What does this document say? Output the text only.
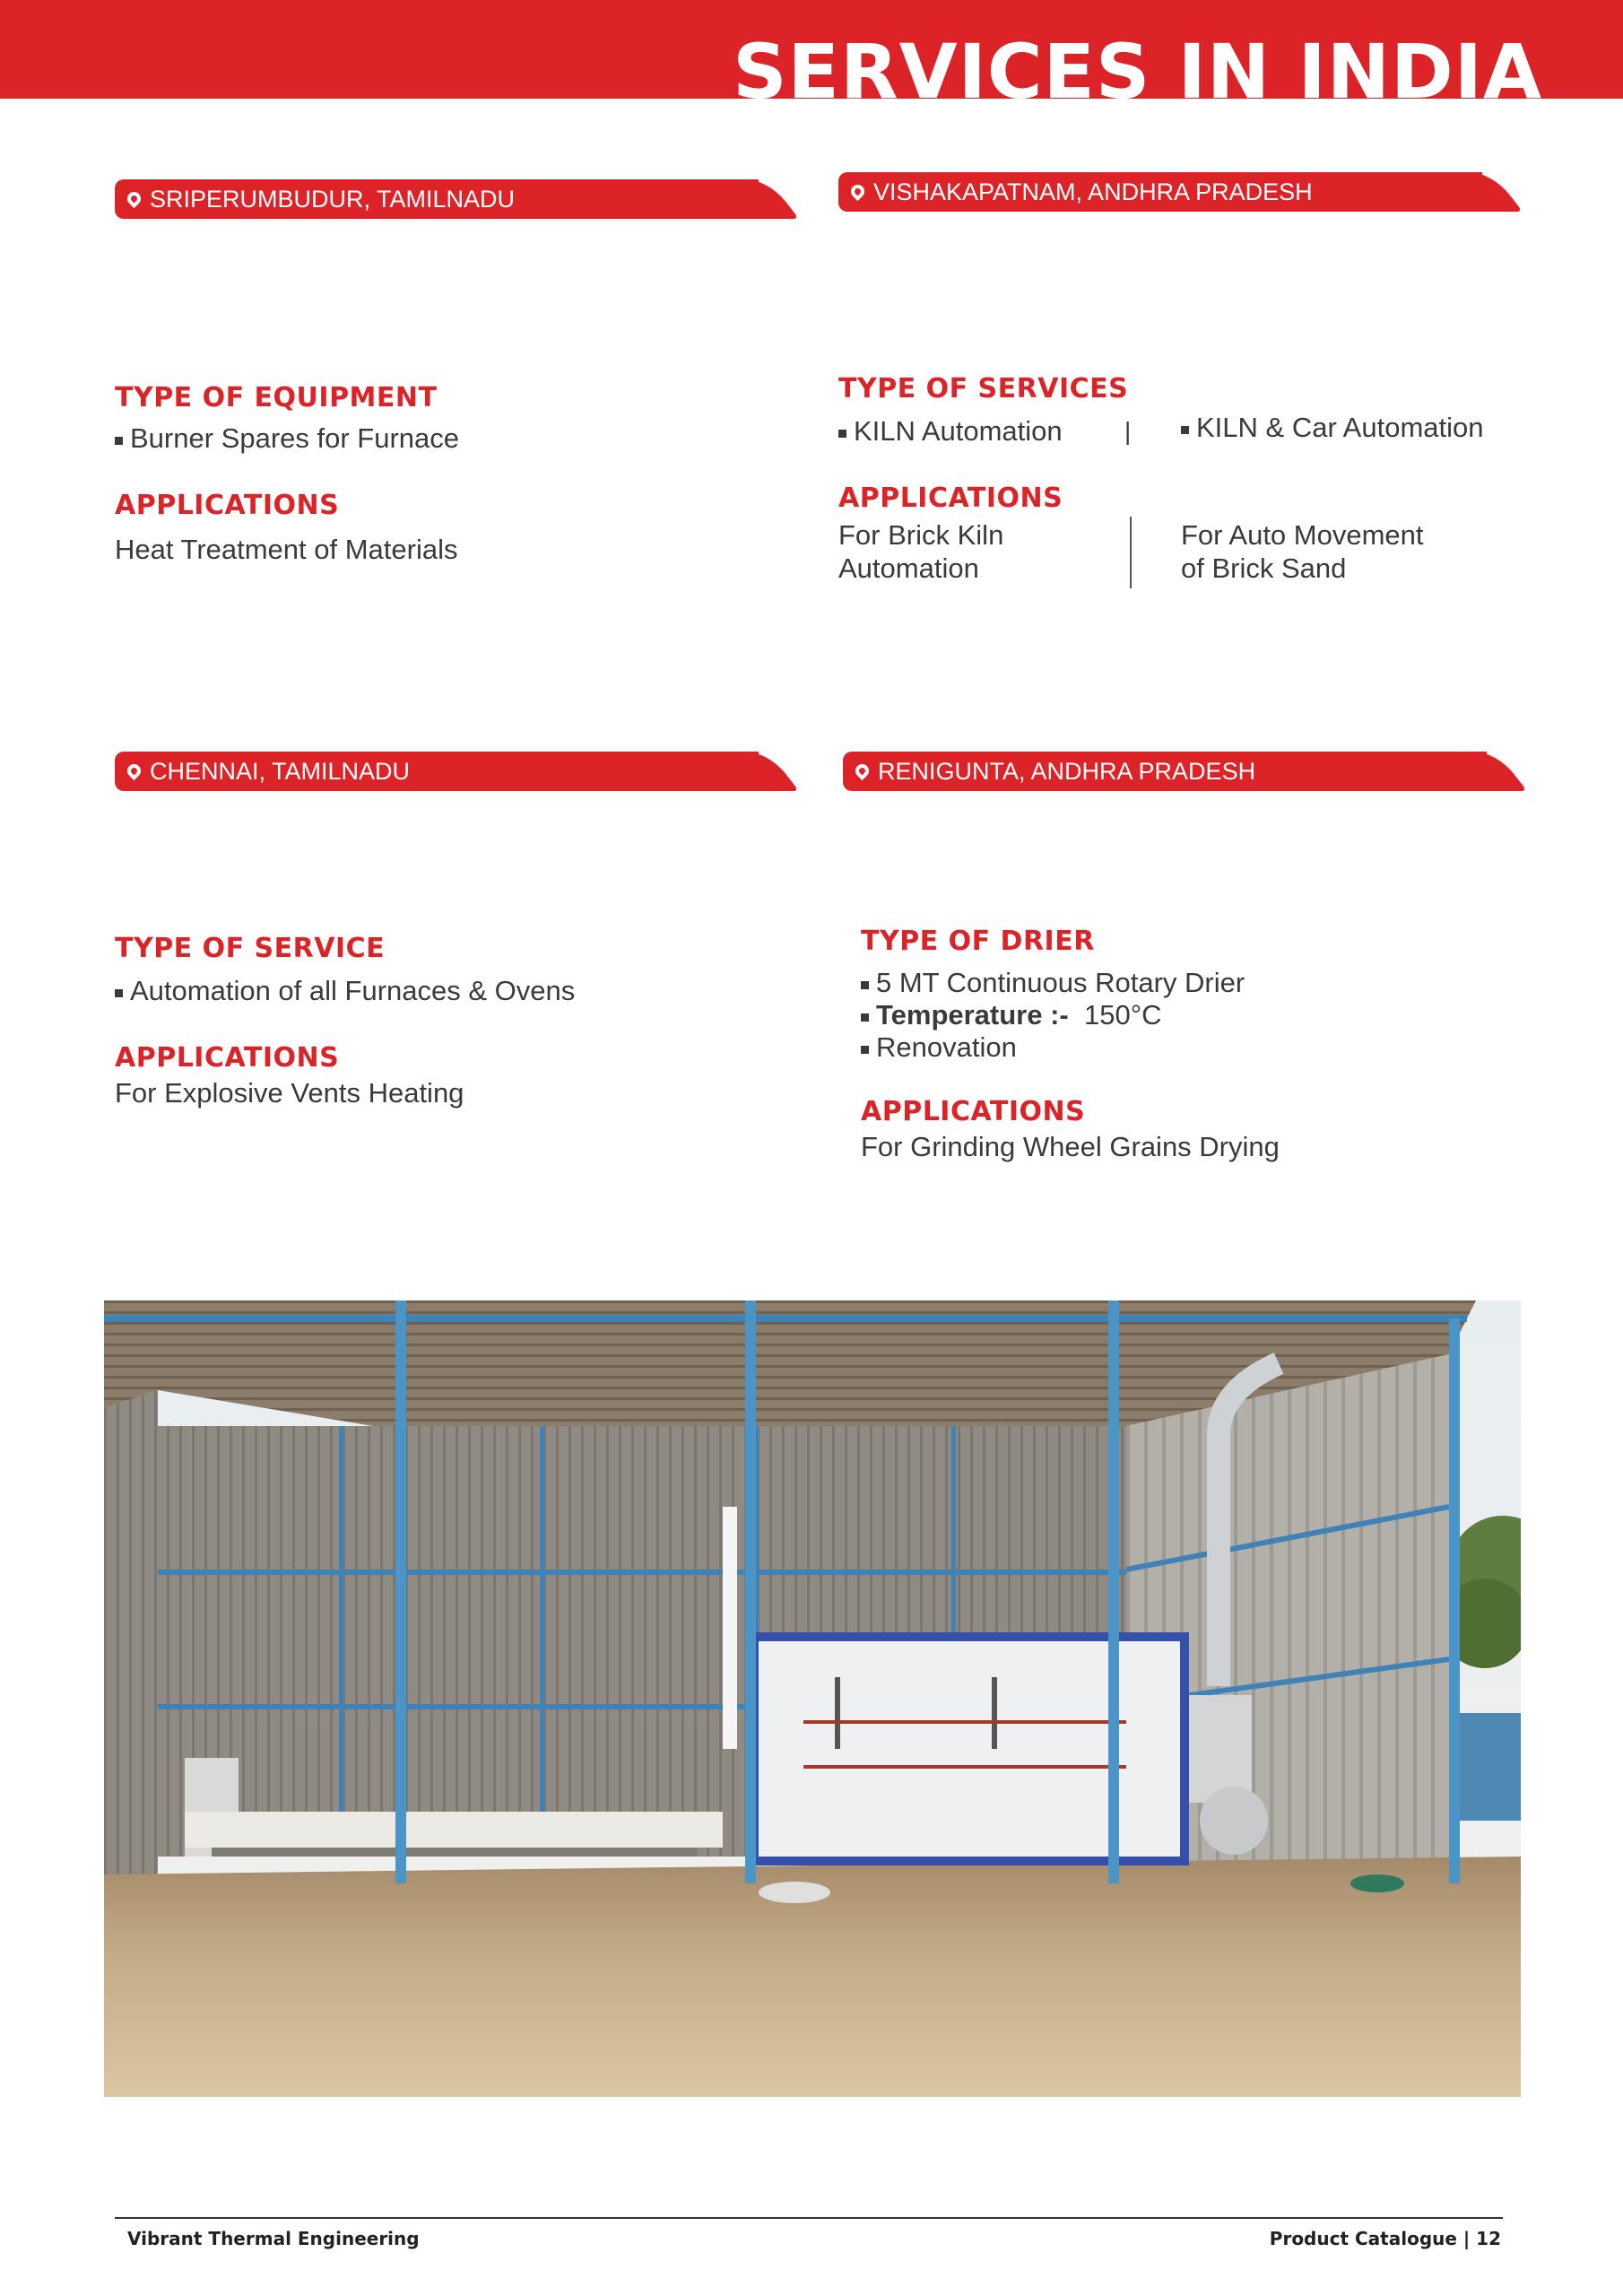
SERVICES IN INDIA
SRIPERUMBUDUR, TAMILNADU
TYPE OF EQUIPMENT
Burner Spares for Furnace
APPLICATIONS
Heat Treatment of Materials
VISHAKAPATNAM, ANDHRA PRADESH
TYPE OF SERVICES
KILN Automation |	KILN & Car Automation
APPLICATIONS
For Brick Kiln
Automation
For Auto Movement
of Brick Sand
CHENNAI, TAMILNADU
TYPE OF SERVICE
Automation of all Furnaces & Ovens
APPLICATIONS
For Explosive Vents Heating
RENIGUNTA, ANDHRA PRADESH
TYPE OF DRIER
5 MT Continuous Rotary Drier
Temperature :- 150°C
Renovation
APPLICATIONS
For Grinding Wheel Grains Drying
Vibrant Thermal Engineering	Product Catalogue | 12
